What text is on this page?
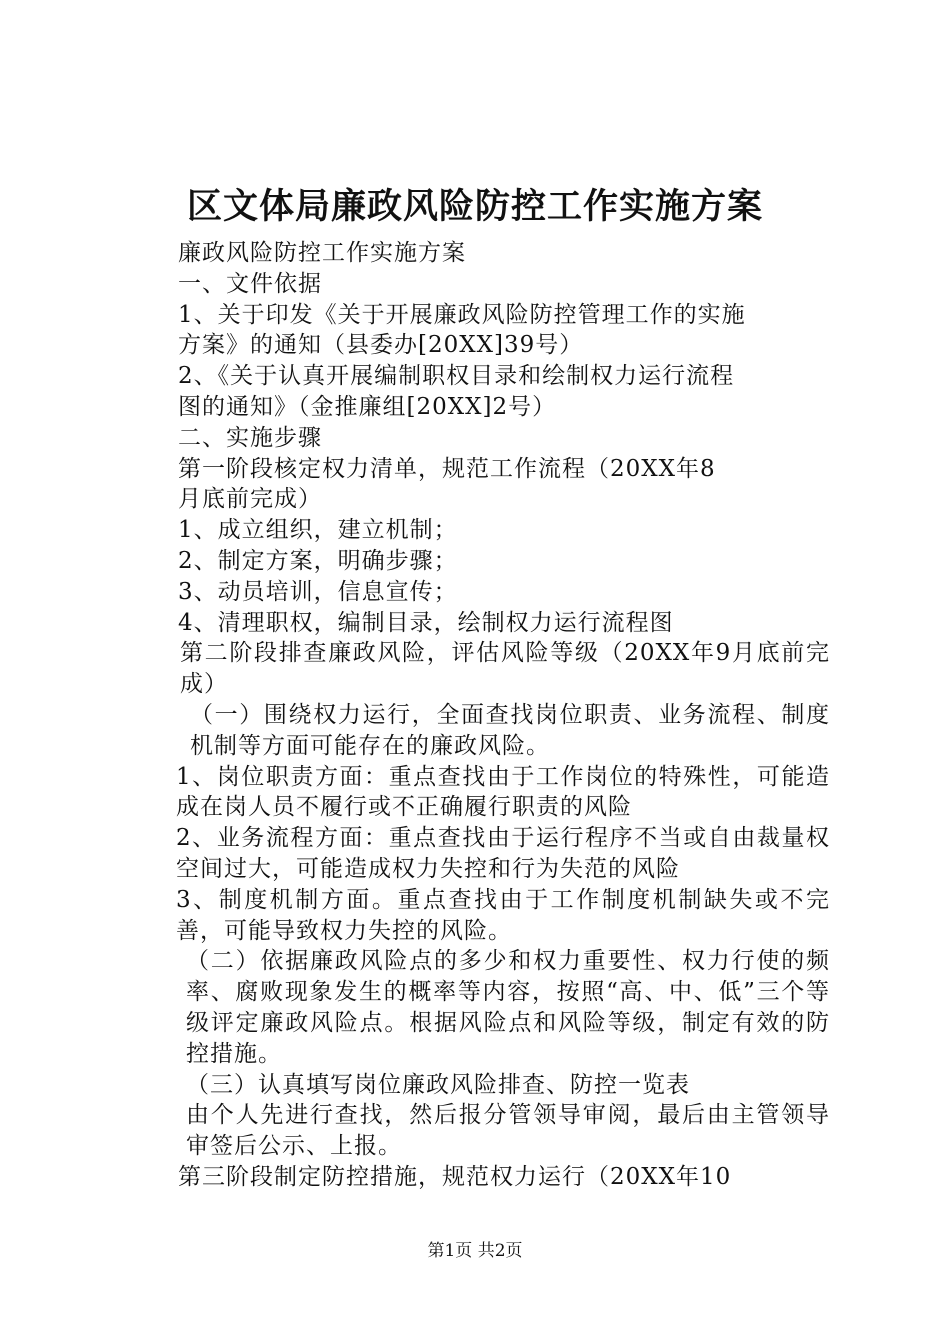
区文体局廉政风险防控工作实施方案
廉政风险防控工作实施方案
一、文件依据
1、关于印发《关于开展廉政风险防控管理工作的实施
方案》的通知（县委办[20XX]39号）
2、《关于认真开展编制职权目录和绘制权力运行流程
图的通知》（金推廉组[20XX]2号）
二、实施步骤
第一阶段核定权力清单，规范工作流程（20XX年8
月底前完成）
1、成立组织，建立机制；
2、制定方案，明确步骤；
3、动员培训，信息宣传；
4、清理职权，编制目录，绘制权力运行流程图
第二阶段排查廉政风险，评估风险等级（20XX年9月底前完成）
（一）围绕权力运行，全面查找岗位职责、业务流程、制度机制等方面可能存在的廉政风险。
1、岗位职责方面：重点查找由于工作岗位的特殊性，可能造成在岗人员不履行或不正确履行职责的风险
2、业务流程方面：重点查找由于运行程序不当或自由裁量权空间过大，可能造成权力失控和行为失范的风险
3、制度机制方面。重点查找由于工作制度机制缺失或不完善，可能导致权力失控的风险。
（二）依据廉政风险点的多少和权力重要性、权力行使的频率、腐败现象发生的概率等内容，按照“高、中、低”三个等级评定廉政风险点。根据风险点和风险等级，制定有效的防控措施。
（三）认真填写岗位廉政风险排查、防控一览表
由个人先进行查找，然后报分管领导审阅，最后由主管领导审签后公示、上报。
第三阶段制定防控措施，规范权力运行（20XX年10
第1页 共2页
